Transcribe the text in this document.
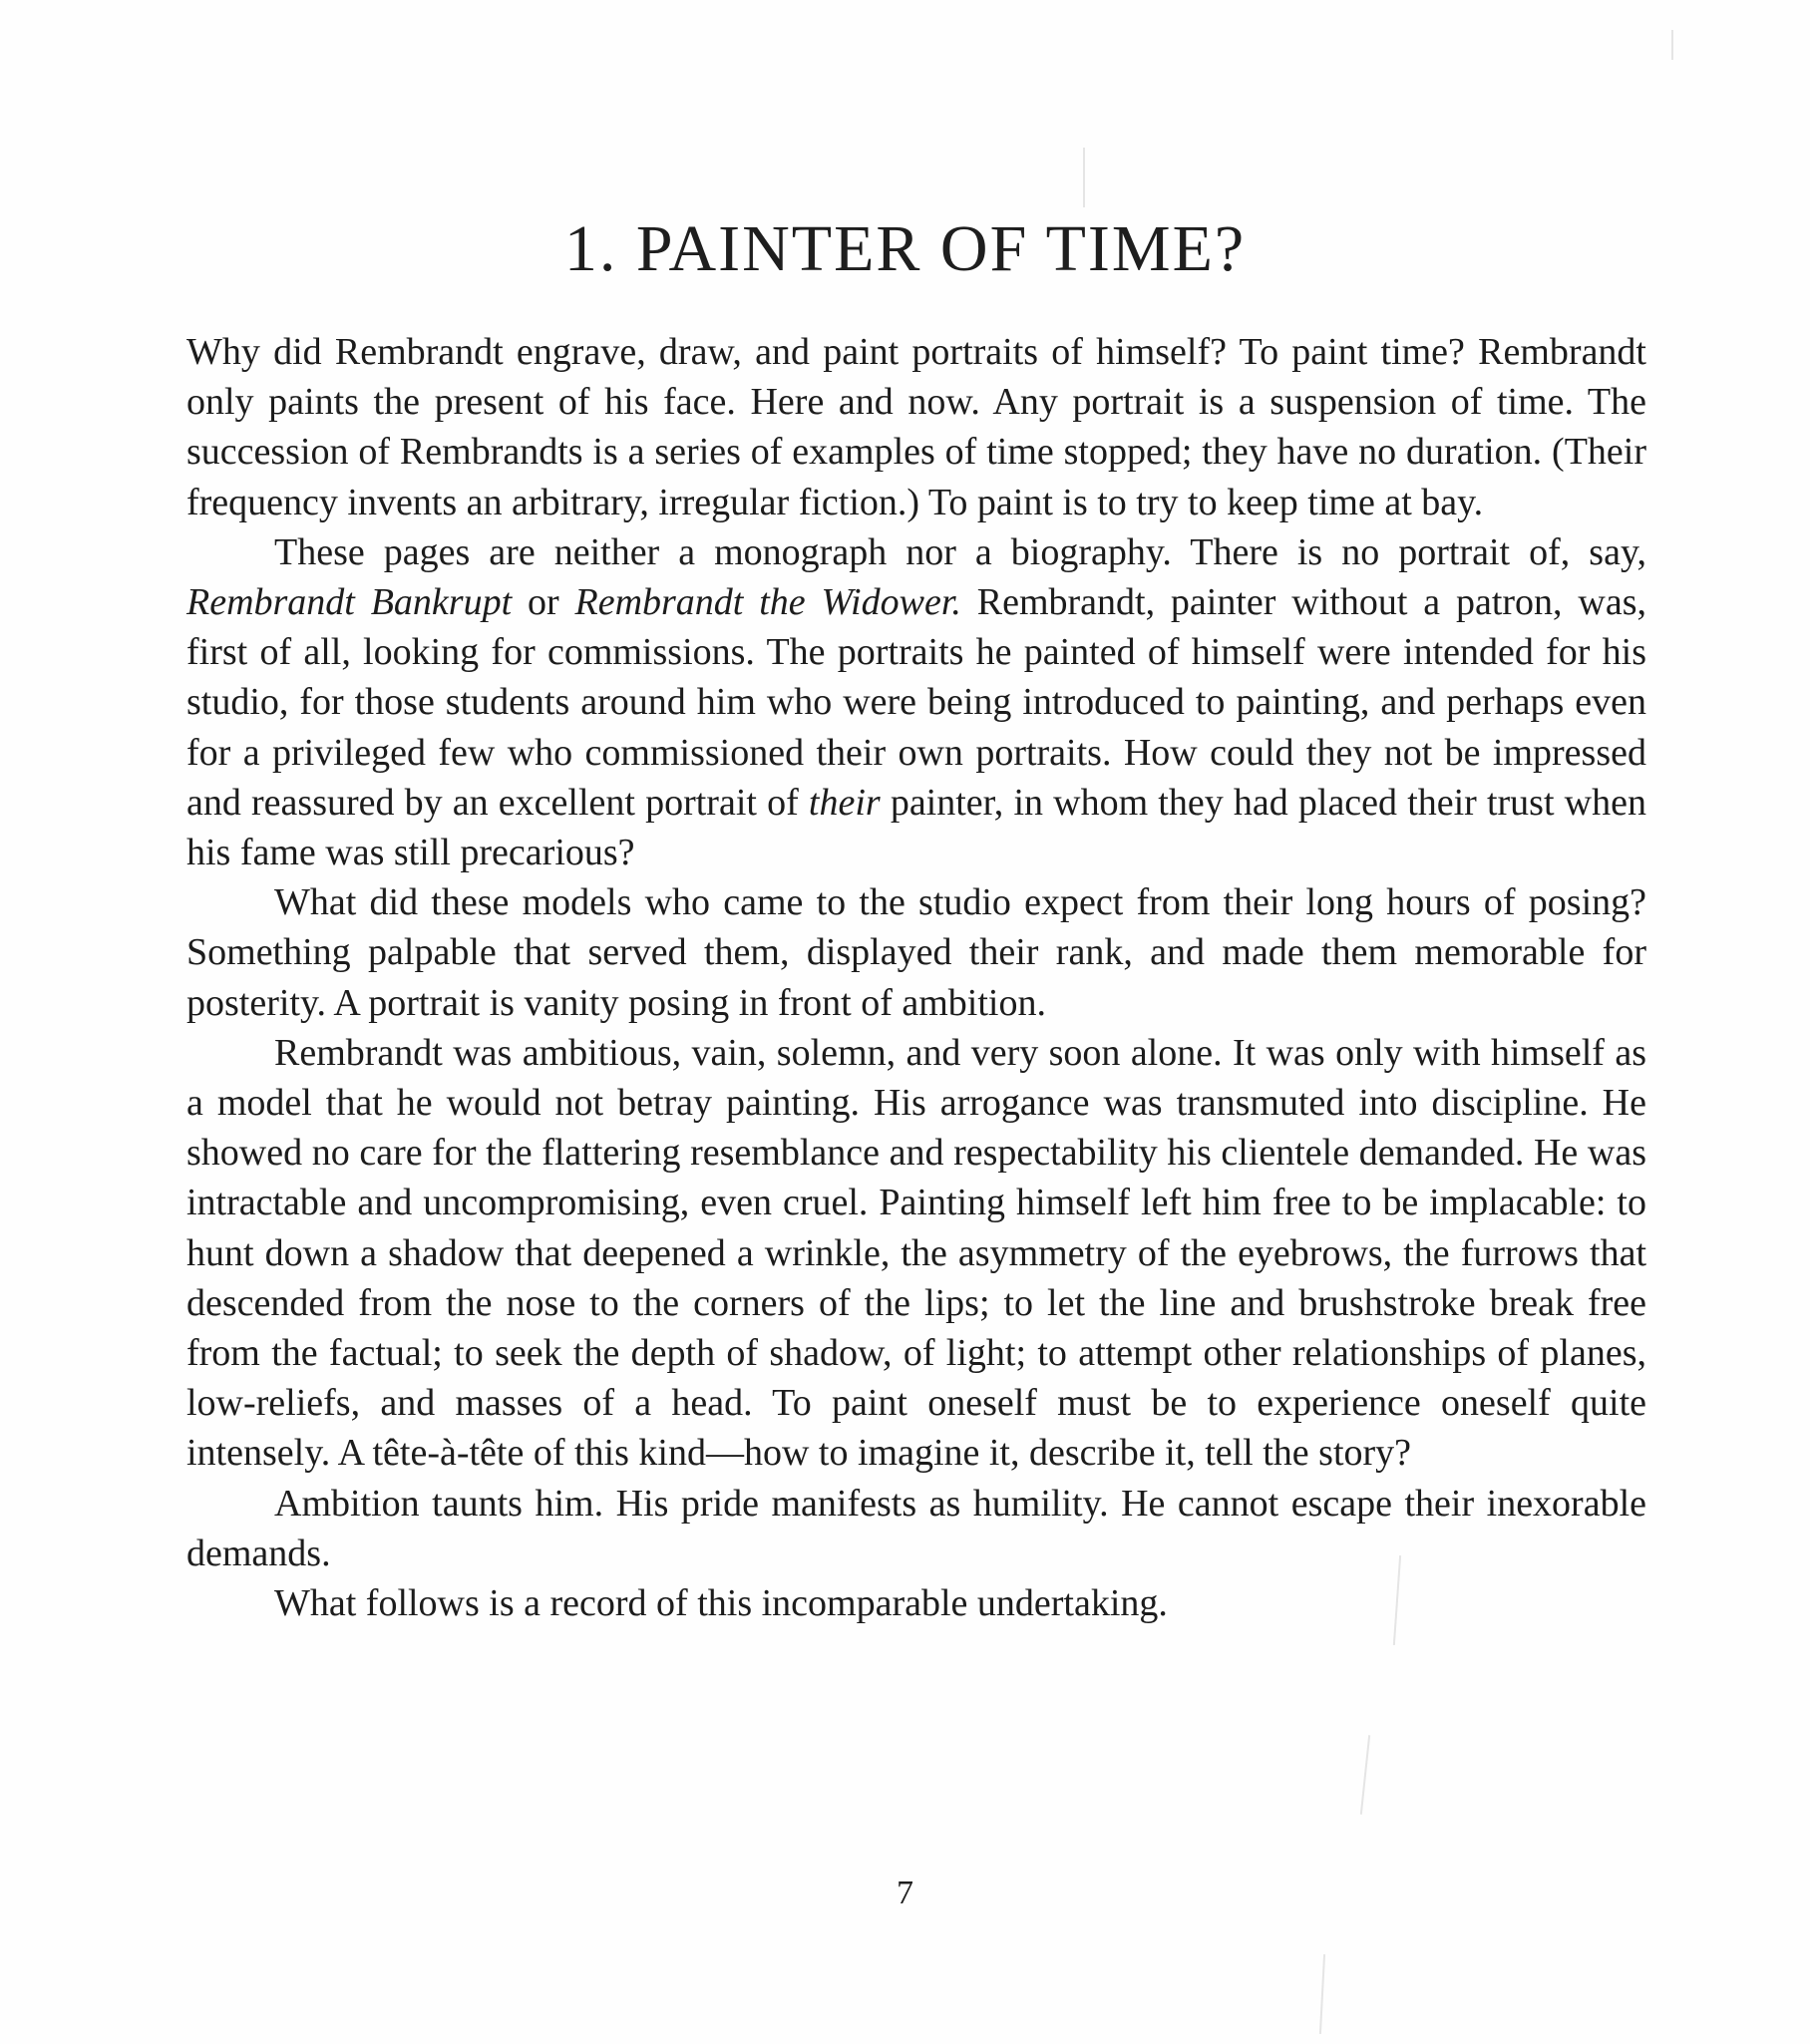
1. PAINTER OF TIME?

Why did Rembrandt engrave, draw, and paint portraits of himself? To paint time? Rembrandt only paints the present of his face. Here and now. Any portrait is a suspension of time. The succession of Rembrandts is a series of examples of time stopped; they have no duration. (Their frequency invents an arbitrary, irregular fiction.) To paint is to try to keep time at bay.

These pages are neither a monograph nor a biography. There is no portrait of, say, Rembrandt Bankrupt or Rembrandt the Widower. Rembrandt, painter without a patron, was, first of all, looking for commissions. The portraits he painted of himself were intended for his studio, for those students around him who were being introduced to painting, and perhaps even for a privileged few who commissioned their own portraits. How could they not be impressed and reassured by an excellent portrait of their painter, in whom they had placed their trust when his fame was still precarious?

What did these models who came to the studio expect from their long hours of posing? Something palpable that served them, displayed their rank, and made them memorable for posterity. A portrait is vanity posing in front of ambition.

Rembrandt was ambitious, vain, solemn, and very soon alone. It was only with himself as a model that he would not betray painting. His arrogance was transmuted into discipline. He showed no care for the flattering resemblance and respectability his clientele demanded. He was intractable and uncompromising, even cruel. Painting himself left him free to be implacable: to hunt down a shadow that deepened a wrinkle, the asymmetry of the eyebrows, the furrows that descended from the nose to the corners of the lips; to let the line and brushstroke break free from the factual; to seek the depth of shadow, of light; to attempt other relationships of planes, low-reliefs, and masses of a head. To paint oneself must be to experience oneself quite intensely. A tête-à-tête of this kind—how to imagine it, describe it, tell the story?

Ambition taunts him. His pride manifests as humility. He cannot escape their inexorable demands.

What follows is a record of this incomparable undertaking.

7
